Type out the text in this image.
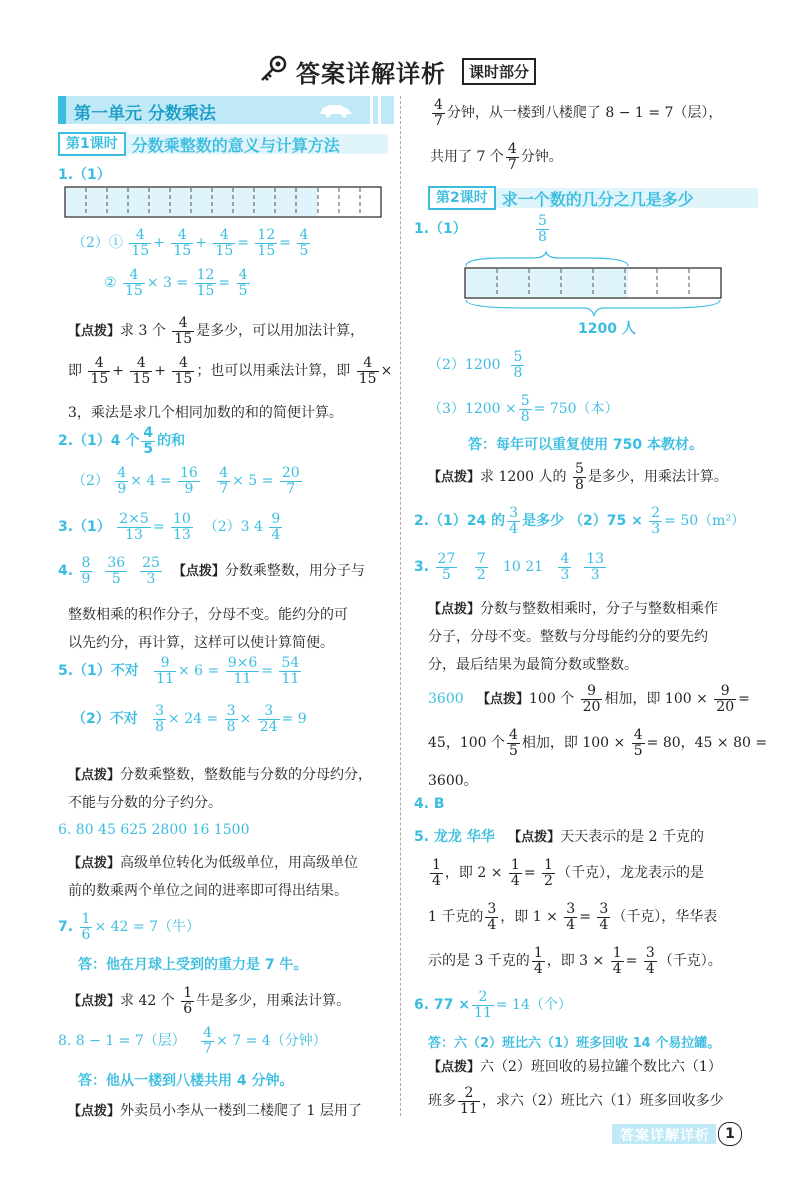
答案详解详析	课时部分
第一单元 分数乘法
第1课时 分数乘整数的意义与计算方法
1.（1）
（2）① $\frac{4}{15} + \frac{4}{15} + \frac{4}{15} = \frac{12}{15} = \frac{4}{5}$
② $\frac{4}{15} \times 3 = \frac{12}{15} = \frac{4}{5}$
【点拨】求 3 个 $\frac{4}{15}$ 是多少，可以用加法计算，
即 $\frac{4}{15} + \frac{4}{15} + \frac{4}{15}$ ；也可以用乘法计算，即 $\frac{4}{15}$ ×
3，乘法是求几个相同加数的和的简便计算。
2.（1）4 个 $\frac{4}{5}$ 的和
$(2) \frac{4}{9} \times 4 = \frac{16}{9}$
$\frac{4}{7} \times 5 = \frac{20}{7}$
$3.(1) \frac{2\times 5}{13} = \frac{10}{13} (2)3$ $4 \frac{9}{4}$
4. $\frac{8}{9}$
$\frac{36}{5}$
$\frac{25}{3}$ 【点拨】分数乘整数，用分子与
整数相乘的积作分子，分母不变。能约分的可
以先约分，再计算，这样可以使计算简便。
5.（1）不对 $\frac{9}{11} \times 6 = \frac{9\times 6}{11} = \frac{54}{11}$
（2）不对 $\frac{3}{8} \times 24 = \frac{3}{8} \times \frac{3}{24} = 9$
【点拨】分数乘整数，整数能与分数的分母约分，
不能与分数的分子约分。
6. 80 45 625 2800 16 1500
【点拨】高级单位转化为低级单位，用高级单位
前的数乘两个单位之间的进率即可得出结果。
7. $\frac{1}{6} \times 42 = 7$（牛）
答：他在月球上受到的重力是 7 牛。
【点拨】求 42 个 $\frac{1}{6}$ 牛是多少，用乘法计算。
8. 8 − 1 = 7（层） $\frac{4}{7} \times 7 = 4$（分钟）
答：他从一楼到八楼共用 4 分钟。
【点拨】外卖员小李从一楼到二楼爬了 1 层用了
$\frac{4}{7}$ 分钟，从一楼到八楼爬了 8 − 1 = 7（层），
共用了 7 个 $\frac{4}{7}$ 分钟。
第2课时 求一个数的几分之几是多少
1.（1）	$\frac{5}{8}$
1200 人
$(2)1200 \frac{5}{8}$
$(3)1200 \times \frac{5}{8} = 750$（本）
答：每年可以重复使用 750 本教材。
【点拨】求 1200 人的 $\frac{5}{8}$ 是多少，用乘法计算。
2.（1）24 的 $\frac{3}{4}$ 是多少 $(2)75 \times \frac{2}{3} = 50(m^2)$
3. $\frac{27}{5}$
$\frac{7}{2} 10$ $21 \frac{4}{3}$
$\frac{13}{3}$
【点拨】分数与整数相乘时，分子与整数相乘作
分子，分母不变。整数与分母能约分的要先约
分，最后结果为最简分数或整数。
3600 【点拨】100 个 $\frac{9}{20}$ 相加，即 $100 \times \frac{9}{20}$ =
45，100 个 $\frac{4}{5}$ 相加，即 $100 \times \frac{4}{5} = 80$，45 × 80 =
3600。
4. B
5. 龙龙 华华 【点拨】天天表示的是 2 千克的
$\frac{1}{4}$ ，即 $2 \times \frac{1}{4} = \frac{1}{2}$ （千克），龙龙表示的是
1 千克的 $\frac{3}{4}$ ，即 $1 \times \frac{3}{4} = \frac{3}{4}$ （千克），华华表
示的是 3 千克的 $\frac{1}{4}$ ，即 $3 \times \frac{1}{4} = \frac{3}{4}$ （千克）。
6. $77 \times \frac{2}{11} = 14$（个）
答：六（2）班比六（1）班多回收 14 个易拉罐。
【点拨】六（2）班回收的易拉罐个数比六（1）
班多 $\frac{2}{11}$ ，求六（2）班比六（1）班多回收多少
答案详解详析	1
